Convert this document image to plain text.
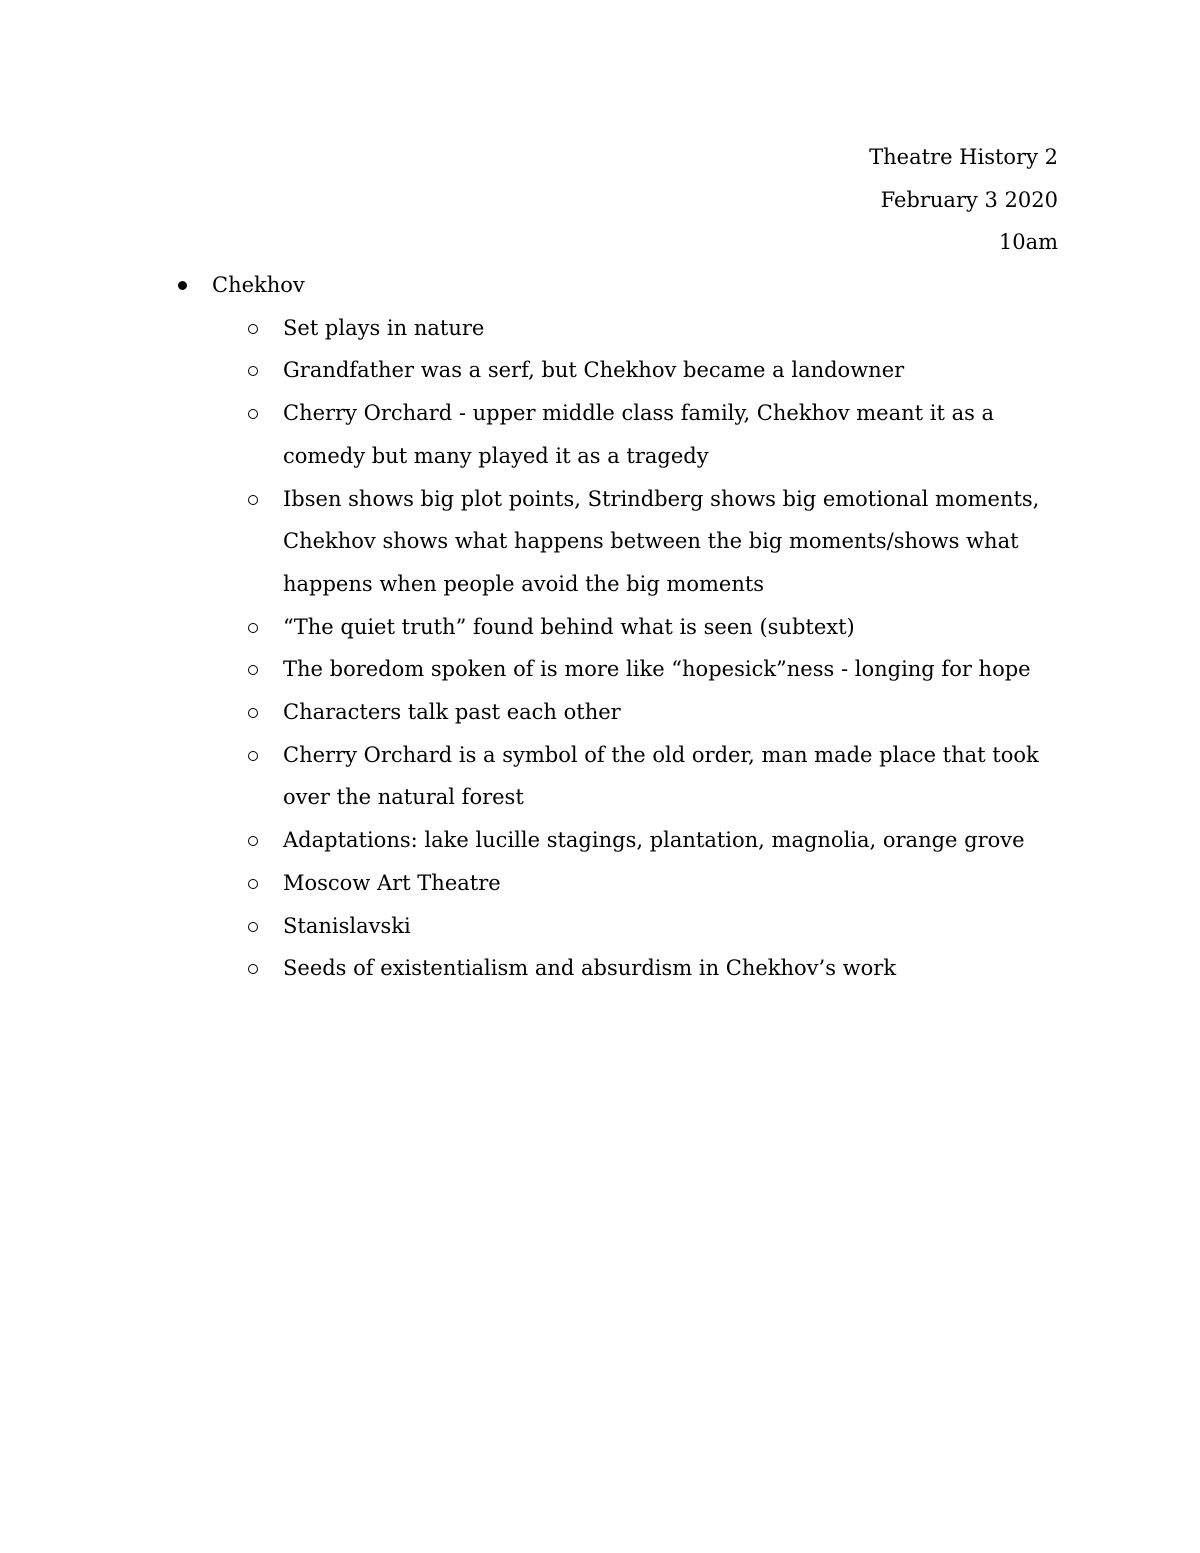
Theatre History 2
February 3 2020
10am
Chekhov
Set plays in nature
Grandfather was a serf, but Chekhov became a landowner
Cherry Orchard - upper middle class family, Chekhov meant it as a comedy but many played it as a tragedy
Ibsen shows big plot points, Strindberg shows big emotional moments, Chekhov shows what happens between the big moments/shows what happens when people avoid the big moments
“The quiet truth” found behind what is seen (subtext)
The boredom spoken of is more like “hopesick”ness - longing for hope
Characters talk past each other
Cherry Orchard is a symbol of the old order, man made place that took over the natural forest
Adaptations: lake lucille stagings, plantation, magnolia, orange grove
Moscow Art Theatre
Stanislavski
Seeds of existentialism and absurdism in Chekhov’s work
